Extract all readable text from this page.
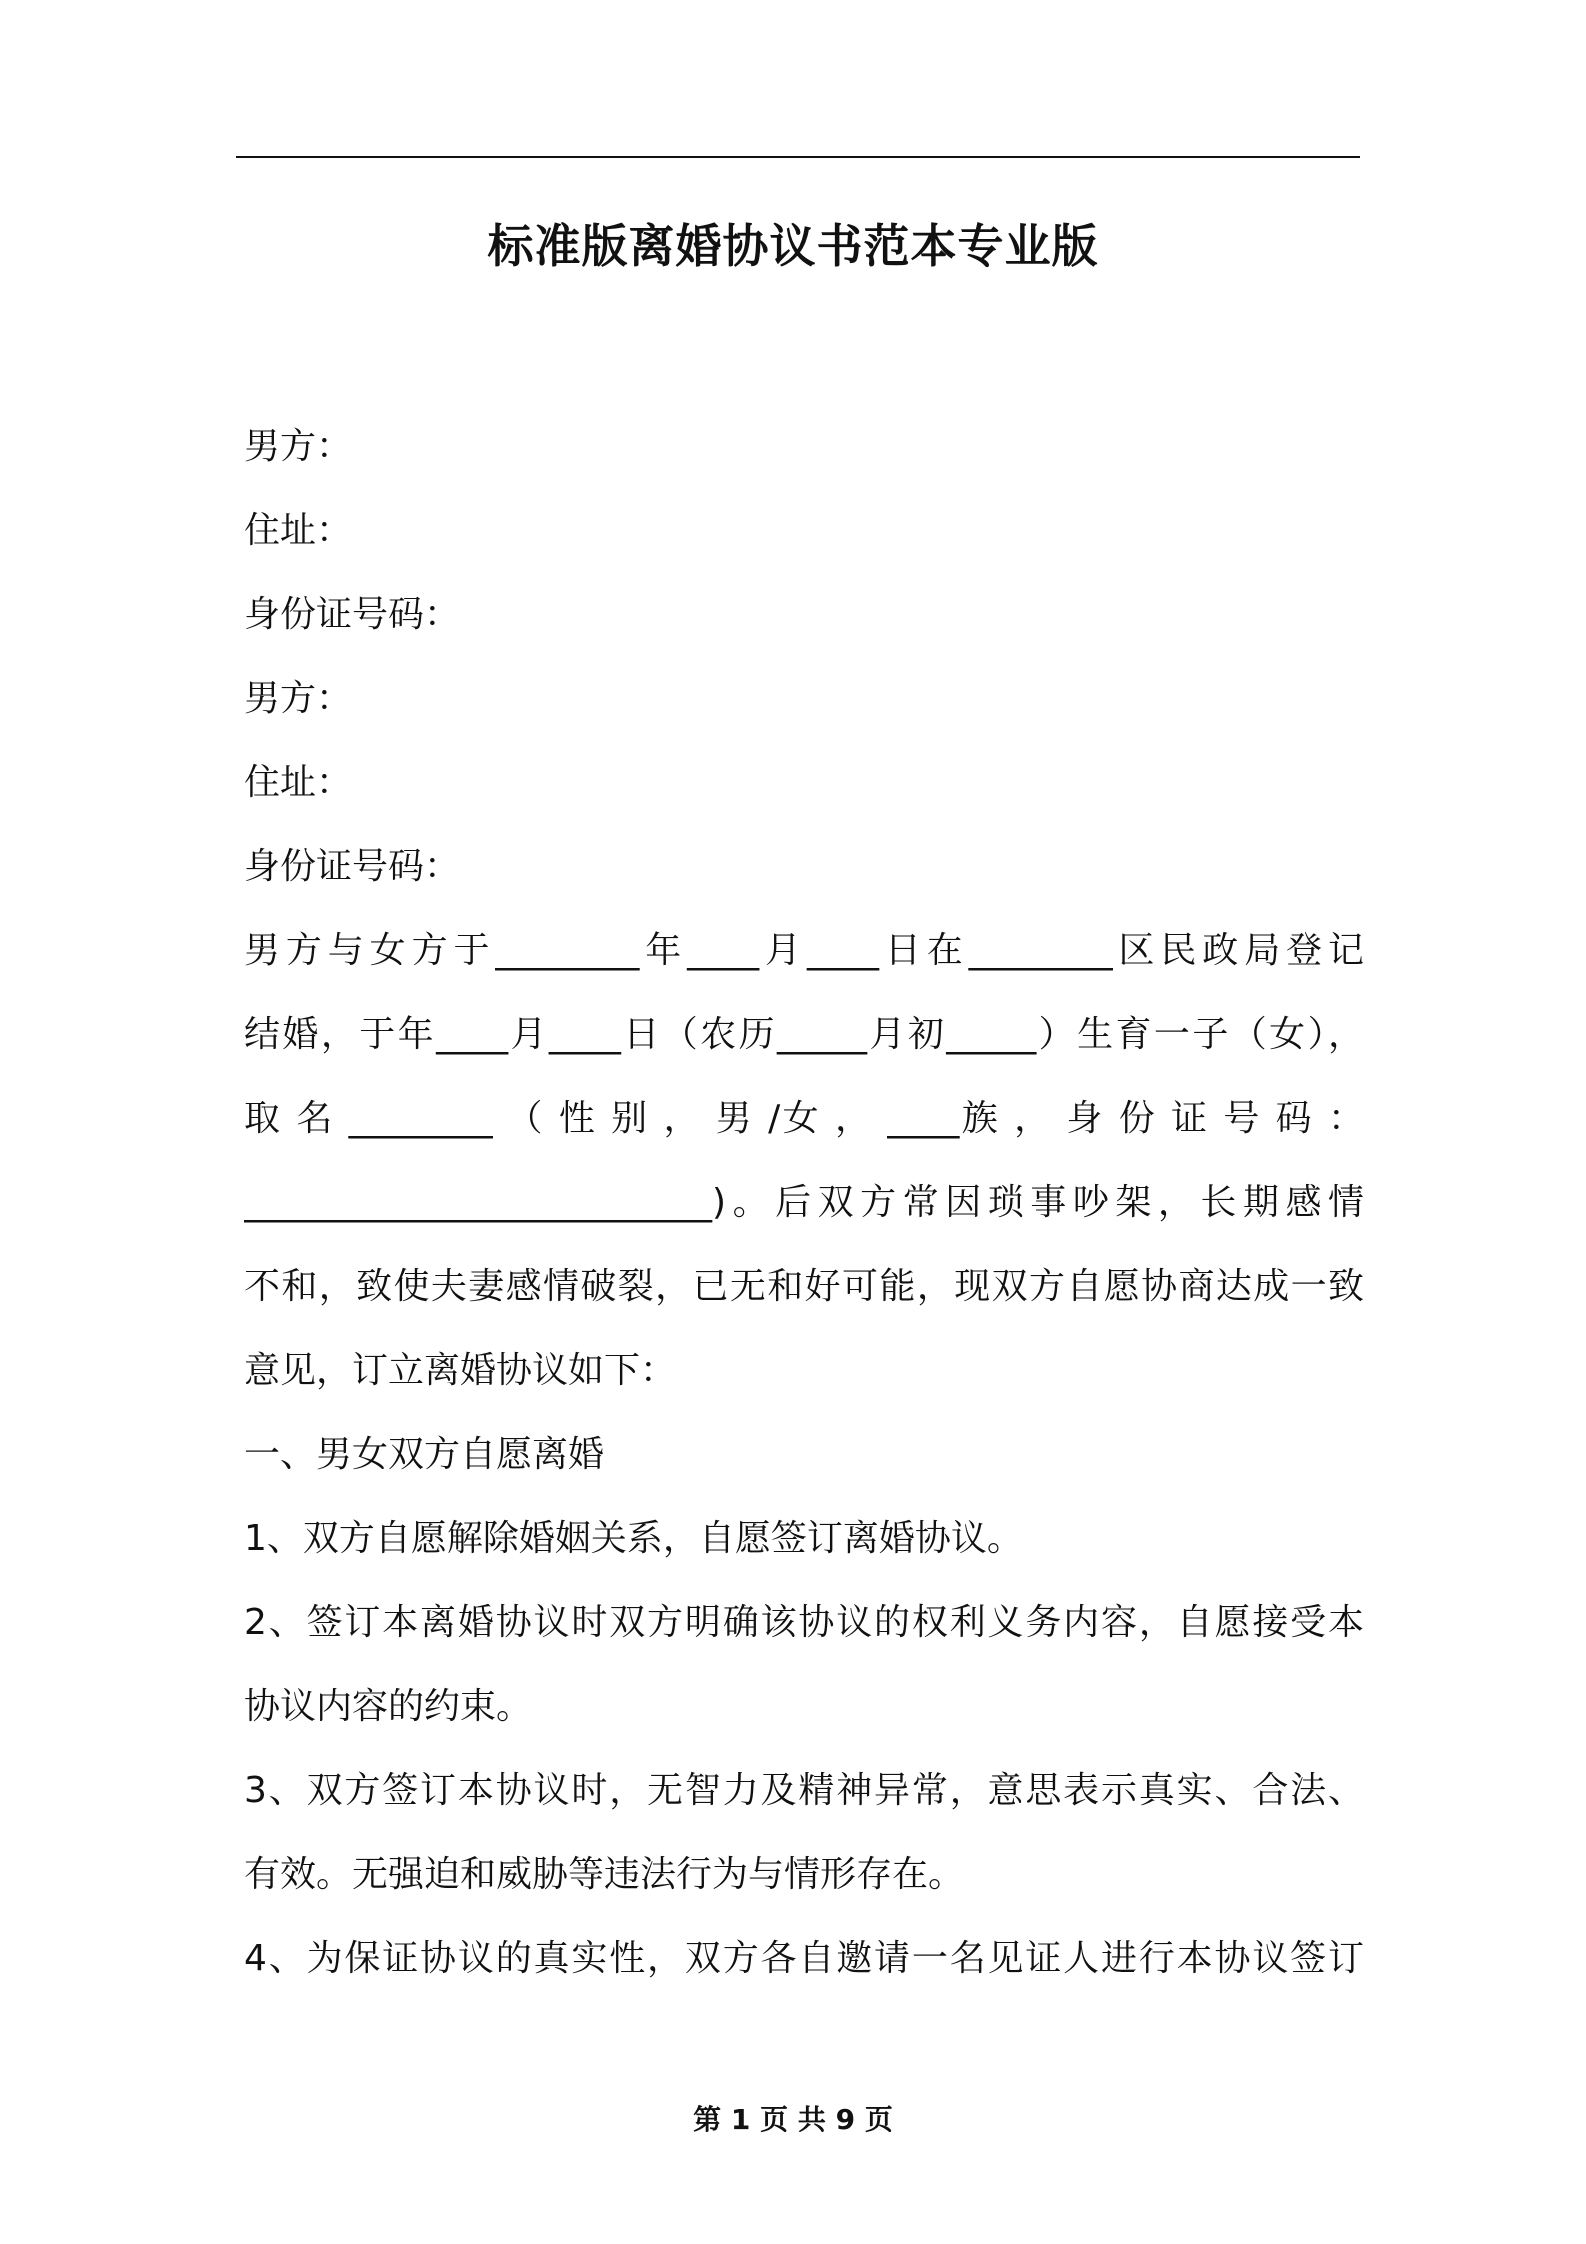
标准版离婚协议书范本专业版
男方：
住址：
身份证号码：
男方：
住址：
身份证号码：
男方与女方于________年____月____日在________区民政局登记
结婚，于年____月____日（农历_____月初_____）生育一子（女），
取 名 ________ （ 性 别 ， 男 /女 ， ____族 ， 身 份 证 号 码 ：
__________________________)。后双方常因琐事吵架，长期感情
不和，致使夫妻感情破裂，已无和好可能，现双方自愿协商达成一致
意见，订立离婚协议如下：
一、男女双方自愿离婚
1、双方自愿解除婚姻关系，自愿签订离婚协议。
2、签订本离婚协议时双方明确该协议的权利义务内容，自愿接受本
协议内容的约束。
3、双方签订本协议时，无智力及精神异常，意思表示真实、合法、
有效。无强迫和威胁等违法行为与情形存在。
4、为保证协议的真实性，双方各自邀请一名见证人进行本协议签订
第 1 页 共 9 页
